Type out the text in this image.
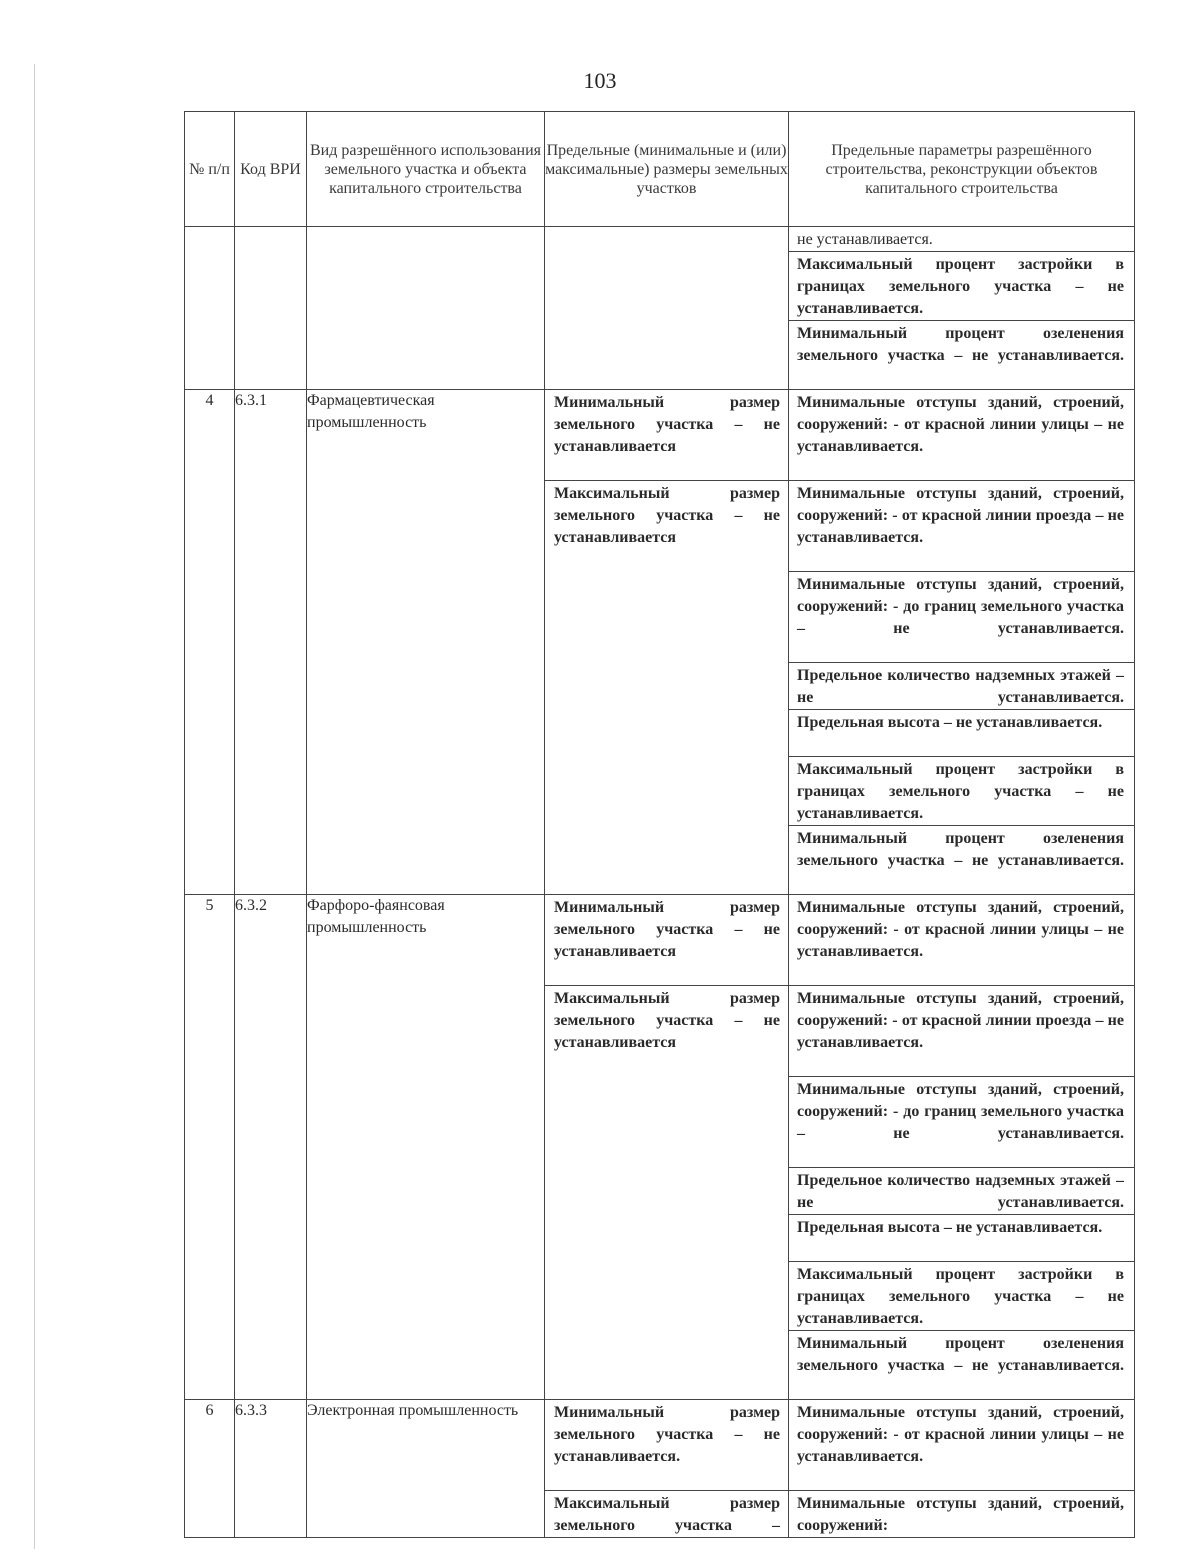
103
№ п/п	Код ВРИ	Вид разрешённого использования земельного участка и объекта капитального строительства	Предельные (минимальные и (или) максимальные) размеры земельных участков	Предельные параметры разрешённого строительства, реконструкции объектов капитального строительства

				не устанавливается.

				Максимальный процент застройки в границах земельного участка – не устанавливается.

				Минимальный процент озеленения земельного участка – не устанавливается.

4	6.3.1	Фармацевтическая промышленность	Минимальный размер земельного участка – не устанавливается	Минимальные отступы зданий, строений, сооружений: - от красной линии улицы – не устанавливается.

			Максимальный размер земельного участка – не устанавливается	Минимальные отступы зданий, строений, сооружений: - от красной линии проезда – не устанавливается.

				Минимальные отступы зданий, строений, сооружений: - до границ земельного участка – не устанавливается.

				Предельное количество надземных этажей – не устанавливается.

				Предельная высота – не устанавливается.

				Максимальный процент застройки в границах земельного участка – не устанавливается.

				Минимальный процент озеленения земельного участка – не устанавливается.

5	6.3.2	Фарфоро-фаянсовая промышленность	Минимальный размер земельного участка – не устанавливается	Минимальные отступы зданий, строений, сооружений: - от красной линии улицы – не устанавливается.

			Максимальный размер земельного участка – не устанавливается	Минимальные отступы зданий, строений, сооружений: - от красной линии проезда – не устанавливается.

				Минимальные отступы зданий, строений, сооружений: - до границ земельного участка – не устанавливается.

				Предельное количество надземных этажей – не устанавливается.

				Предельная высота – не устанавливается.

				Максимальный процент застройки в границах земельного участка – не устанавливается.

				Минимальный процент озеленения земельного участка – не устанавливается.

6	6.3.3	Электронная промышленность	Минимальный размер земельного участка – не устанавливается.	Минимальные отступы зданий, строений, сооружений: - от красной линии улицы – не устанавливается.

			Максимальный размер земельного участка –	Минимальные отступы зданий, строений, сооружений:
